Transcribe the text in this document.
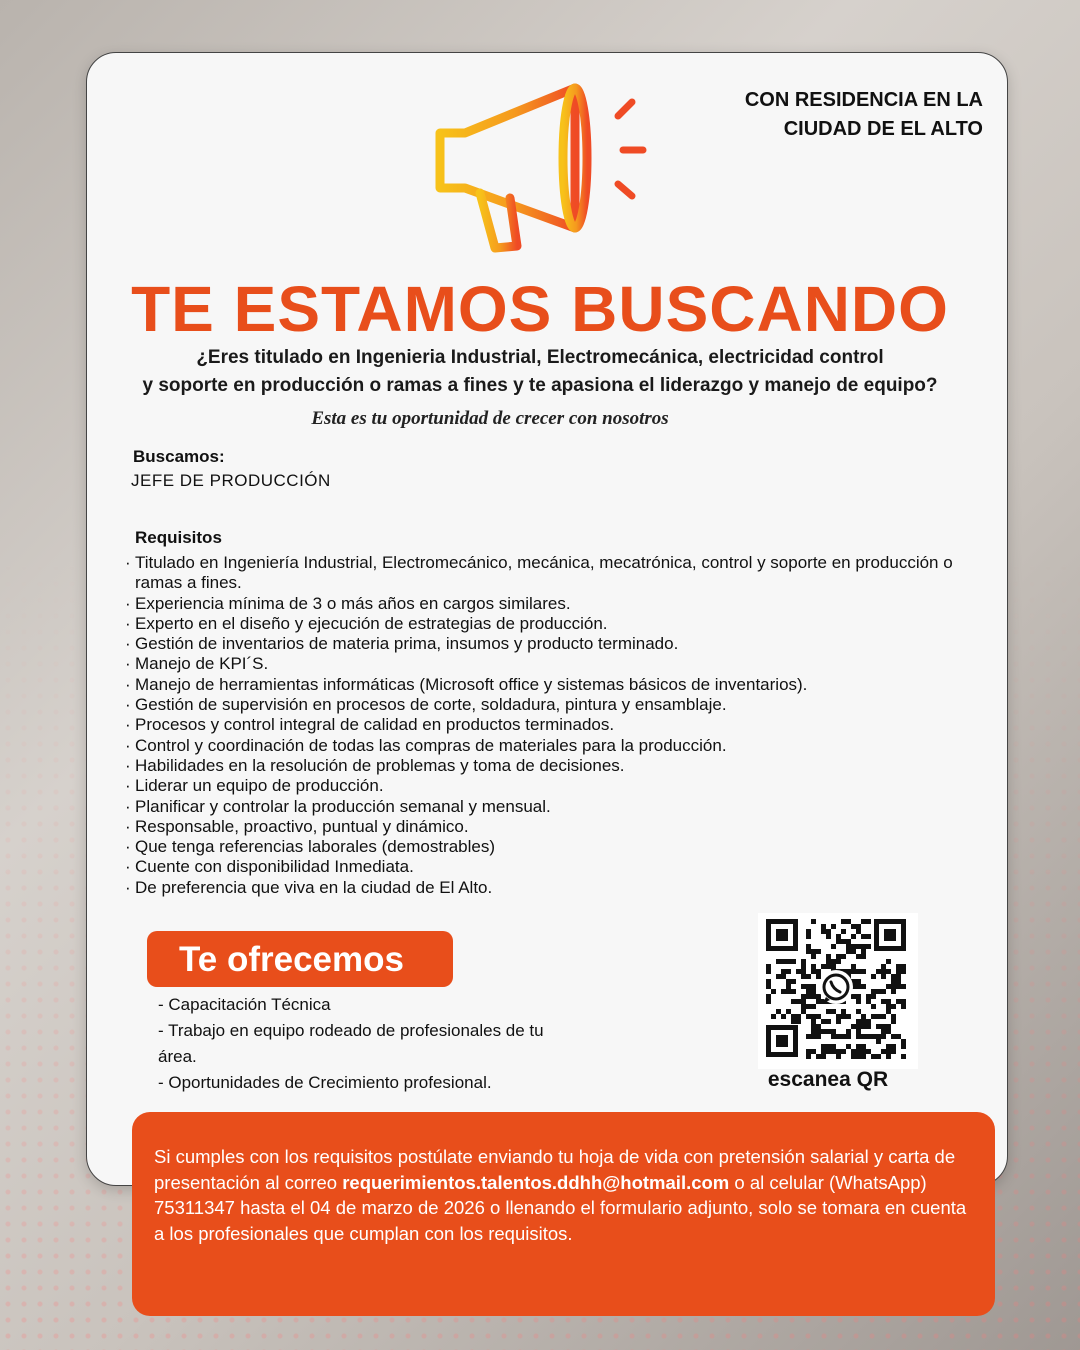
CON RESIDENCIA EN LA CIUDAD DE EL ALTO
TE ESTAMOS BUSCANDO
¿Eres titulado en Ingenieria Industrial, Electromecánica, electricidad control
y soporte en producción o ramas a fines y te apasiona el liderazgo y manejo de equipo?
Esta es tu oportunidad de crecer con nosotros
Buscamos:
JEFE DE PRODUCCIÓN
Requisitos
· Titulado en Ingeniería Industrial, Electromecánico, mecánica, mecatrónica, control y soporte en producción o ramas a fines.
· Experiencia mínima de 3 o más años en cargos similares.
· Experto en el diseño y ejecución de estrategias de producción.
· Gestión de inventarios de materia prima, insumos y producto terminado.
· Manejo de KPI´S.
· Manejo de herramientas informáticas (Microsoft office y sistemas básicos de inventarios).
· Gestión de supervisión en procesos de corte, soldadura, pintura y ensamblaje.
· Procesos y control integral de calidad en productos terminados.
· Control y coordinación de todas las compras de materiales para la producción.
· Habilidades en la resolución de problemas y toma de decisiones.
· Liderar un equipo de producción.
· Planificar y controlar la producción semanal y mensual.
· Responsable, proactivo, puntual y dinámico.
· Que tenga referencias laborales (demostrables)
· Cuente con disponibilidad Inmediata.
· De preferencia que viva en la ciudad de El Alto.
Te ofrecemos
- Capacitación Técnica
- Trabajo en equipo rodeado de profesionales de tu área.
- Oportunidades de Crecimiento profesional.	escanea QR
Si cumples con los requisitos postúlate enviando tu hoja de vida con pretensión salarial y carta de presentación al correo requerimientos.talentos.ddhh@hotmail.com o al celular (WhatsApp) 75311347 hasta el 04 de marzo de 2026 o llenando el formulario adjunto, solo se tomara en cuenta a los profesionales que cumplan con los requisitos.
